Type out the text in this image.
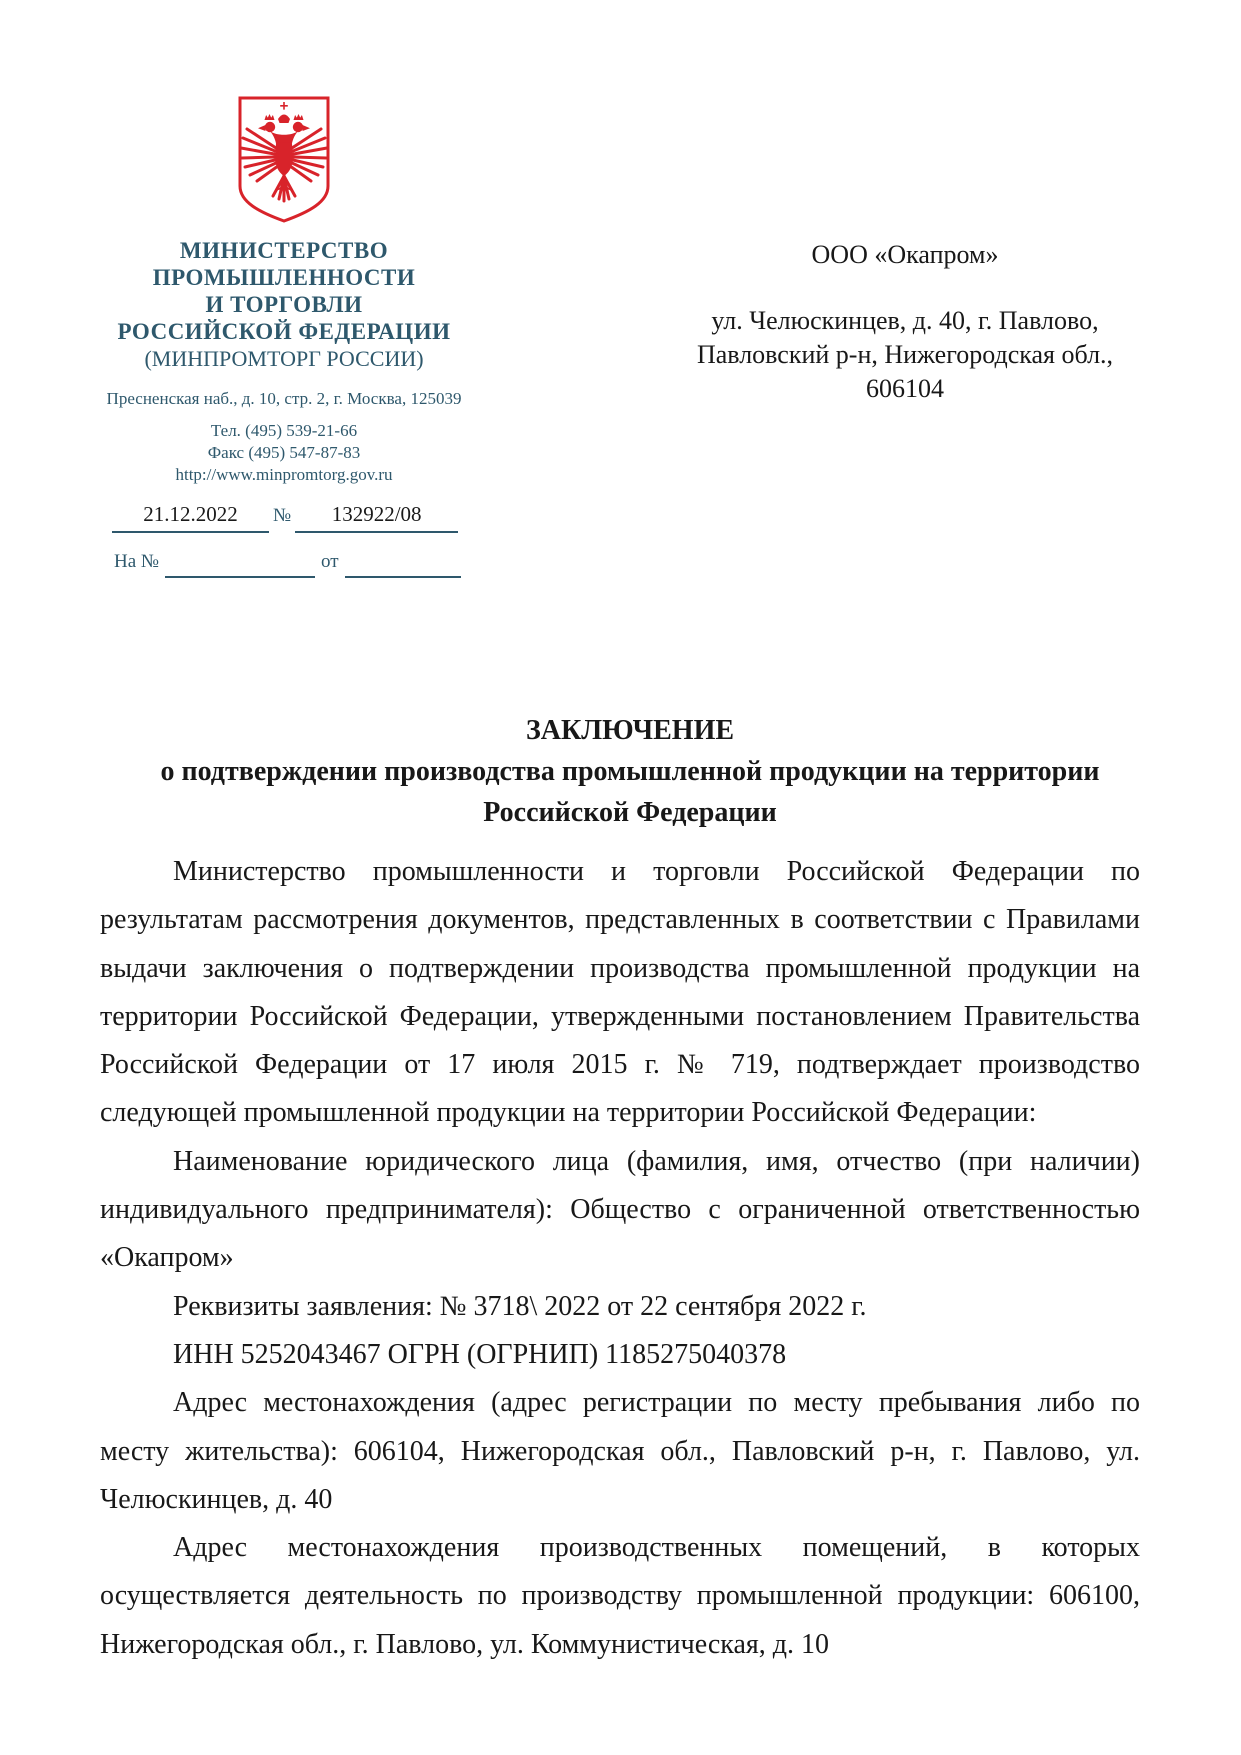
МИНИСТЕРСТВО
ПРОМЫШЛЕННОСТИ
И ТОРГОВЛИ
РОССИЙСКОЙ ФЕДЕРАЦИИ
(МИНПРОМТОРГ РОССИИ)
Пресненская наб., д. 10, стр. 2, г. Москва, 125039
Тел. (495) 539-21-66
Факс (495) 547-87-83
http://www.minpromtorg.gov.ru
21.12.2022	№	132922/08
На №	от
ООО «Окапром»
ул. Челюскинцев, д. 40, г. Павлово,
Павловский р-н, Нижегородская обл.,
606104
ЗАКЛЮЧЕНИЕ
о подтверждении производства промышленной продукции на территории
Российской Федерации

Министерство промышленности и торговли Российской Федерации по результатам рассмотрения документов, представленных в соответствии с Правилами выдачи заключения о подтверждении производства промышленной продукции на территории Российской Федерации, утвержденными постановлением Правительства Российской Федерации от 17 июля 2015 г. № 719, подтверждает производство следующей промышленной продукции на территории Российской Федерации:

Наименование юридического лица (фамилия, имя, отчество (при наличии) индивидуального предпринимателя): Общество с ограниченной ответственностью «Окапром»

Реквизиты заявления: № 3718\ 2022 от 22 сентября 2022 г.

ИНН 5252043467 ОГРН (ОГРНИП) 1185275040378

Адрес местонахождения (адрес регистрации по месту пребывания либо по месту жительства): 606104, Нижегородская обл., Павловский р-н, г. Павлово, ул. Челюскинцев, д. 40

Адрес местонахождения производственных помещений, в которых осуществляется деятельность по производству промышленной продукции: 606100, Нижегородская обл., г. Павлово, ул. Коммунистическая, д. 10
